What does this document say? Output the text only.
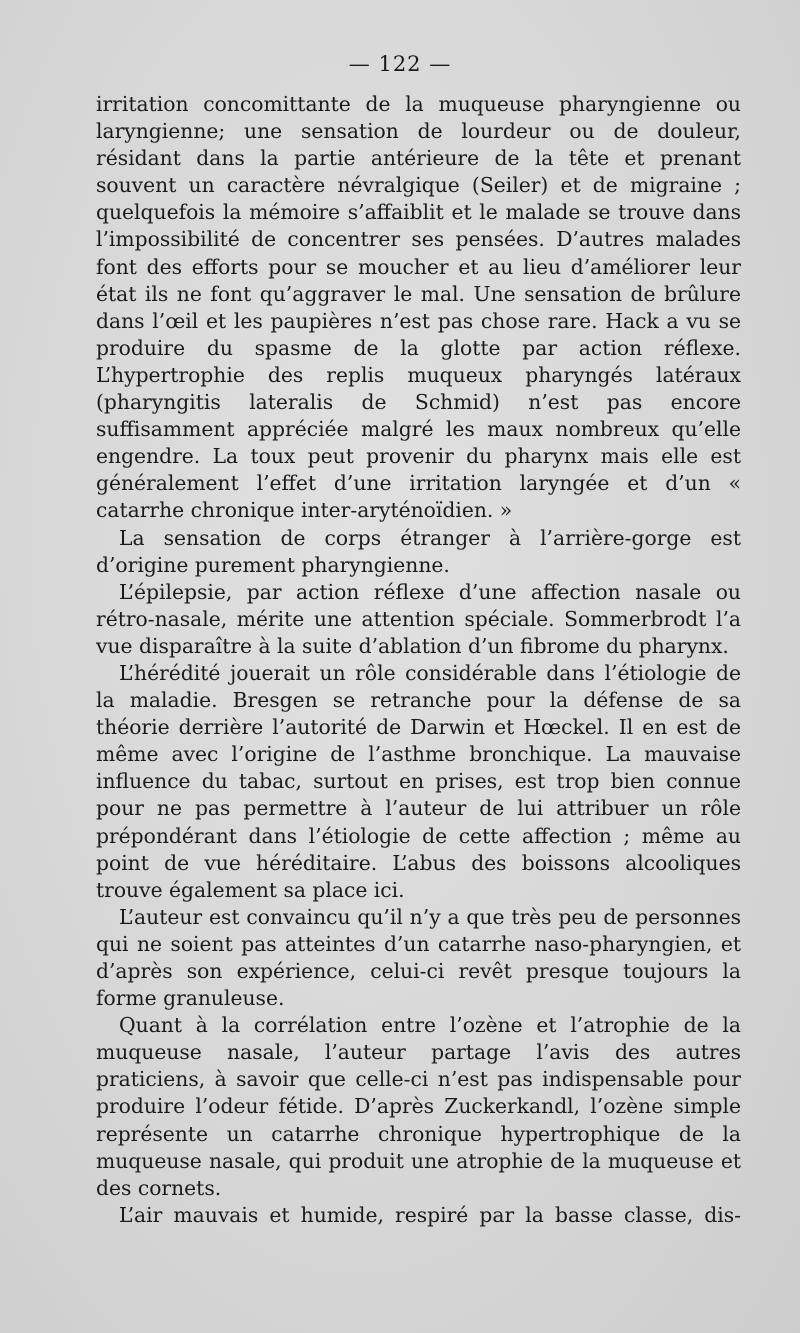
— 122 —

irritation concomittante de la muqueuse pharyngienne ou laryngienne; une sensation de lourdeur ou de douleur, résidant dans la partie antérieure de la tête et prenant souvent un caractère névralgique (Seiler) et de migraine ; quelquefois la mémoire s’affaiblit et le malade se trouve dans l’impossibilité de concentrer ses pensées. D’autres malades font des efforts pour se moucher et au lieu d’améliorer leur état ils ne font qu’aggraver le mal. Une sensation de brûlure dans l’œil et les paupières n’est pas chose rare. Hack a vu se produire du spasme de la glotte par action réflexe. L’hypertrophie des replis muqueux pharyngés latéraux (pharyngitis lateralis de Schmid) n’est pas encore suffisamment appréciée malgré les maux nombreux qu’elle engendre. La toux peut provenir du pharynx mais elle est généralement l’effet d’une irritation laryngée et d’un « catarrhe chronique inter-aryténoïdien. »

La sensation de corps étranger à l’arrière-gorge est d’origine purement pharyngienne.

L’épilepsie, par action réflexe d’une affection nasale ou rétro-nasale, mérite une attention spéciale. Sommerbrodt l’a vue disparaître à la suite d’ablation d’un fibrome du pharynx.

L’hérédité jouerait un rôle considérable dans l’étiologie de la maladie. Bresgen se retranche pour la défense de sa théorie derrière l’autorité de Darwin et Hœckel. Il en est de même avec l’origine de l’asthme bronchique. La mauvaise influence du tabac, surtout en prises, est trop bien connue pour ne pas permettre à l’auteur de lui attribuer un rôle prépondérant dans l’étiologie de cette affection ; même au point de vue héréditaire. L’abus des boissons alcooliques trouve également sa place ici.

L’auteur est convaincu qu’il n’y a que très peu de personnes qui ne soient pas atteintes d’un catarrhe naso-pharyngien, et d’après son expérience, celui-ci revêt presque toujours la forme granuleuse.

Quant à la corrélation entre l’ozène et l’atrophie de la muqueuse nasale, l’auteur partage l’avis des autres praticiens, à savoir que celle-ci n’est pas indispensable pour produire l’odeur fétide. D’après Zuckerkandl, l’ozène simple représente un catarrhe chronique hypertrophique de la muqueuse nasale, qui produit une atrophie de la muqueuse et des cornets.

L’air mauvais et humide, respiré par la basse classe, dis-
